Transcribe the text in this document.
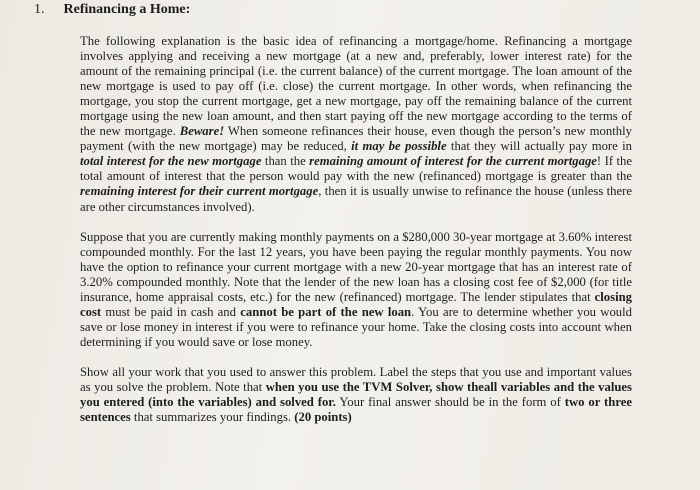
1. Refinancing a Home:

The following explanation is the basic idea of refinancing a mortgage/home. Refinancing a mortgage involves applying and receiving a new mortgage (at a new and, preferably, lower interest rate) for the amount of the remaining principal (i.e. the current balance) of the current mortgage. The loan amount of the new mortgage is used to pay off (i.e. close) the current mortgage. In other words, when refinancing the mortgage, you stop the current mortgage, get a new mortgage, pay off the remaining balance of the current mortgage using the new loan amount, and then start paying off the new mortgage according to the terms of the new mortgage. Beware! When someone refinances their house, even though the person’s new monthly payment (with the new mortgage) may be reduced, it may be possible that they will actually pay more in total interest for the new mortgage than the remaining amount of interest for the current mortgage! If the total amount of interest that the person would pay with the new (refinanced) mortgage is greater than the remaining interest for their current mortgage, then it is usually unwise to refinance the house (unless there are other circumstances involved).

Suppose that you are currently making monthly payments on a $280,000 30-year mortgage at 3.60% interest compounded monthly. For the last 12 years, you have been paying the regular monthly payments. You now have the option to refinance your current mortgage with a new 20-year mortgage that has an interest rate of 3.20% compounded monthly. Note that the lender of the new loan has a closing cost fee of $2,000 (for title insurance, home appraisal costs, etc.) for the new (refinanced) mortgage. The lender stipulates that closing cost must be paid in cash and cannot be part of the new loan. You are to determine whether you would save or lose money in interest if you were to refinance your home. Take the closing costs into account when determining if you would save or lose money.

Show all your work that you used to answer this problem. Label the steps that you use and important values as you solve the problem. Note that when you use the TVM Solver, show theall variables and the values you entered (into the variables) and solved for. Your final answer should be in the form of two or three sentences that summarizes your findings. (20 points)
